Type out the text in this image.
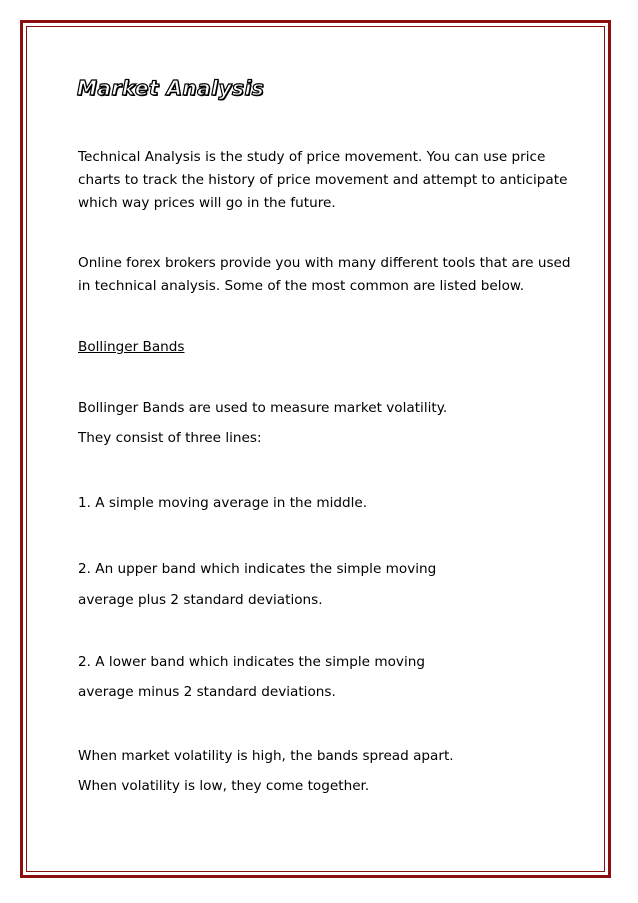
Market Analysis

Technical Analysis is the study of price movement. You can use price

charts to track the history of price movement and attempt to anticipate

which way prices will go in the future.

Online forex brokers provide you with many different tools that are used

in technical analysis. Some of the most common are listed below.

Bollinger Bands

Bollinger Bands are used to measure market volatility.

They consist of three lines:

1. A simple moving average in the middle.

2. An upper band which indicates the simple moving

average plus 2 standard deviations.

2. A lower band which indicates the simple moving

average minus 2 standard deviations.

When market volatility is high, the bands spread apart.

When volatility is low, they come together.
